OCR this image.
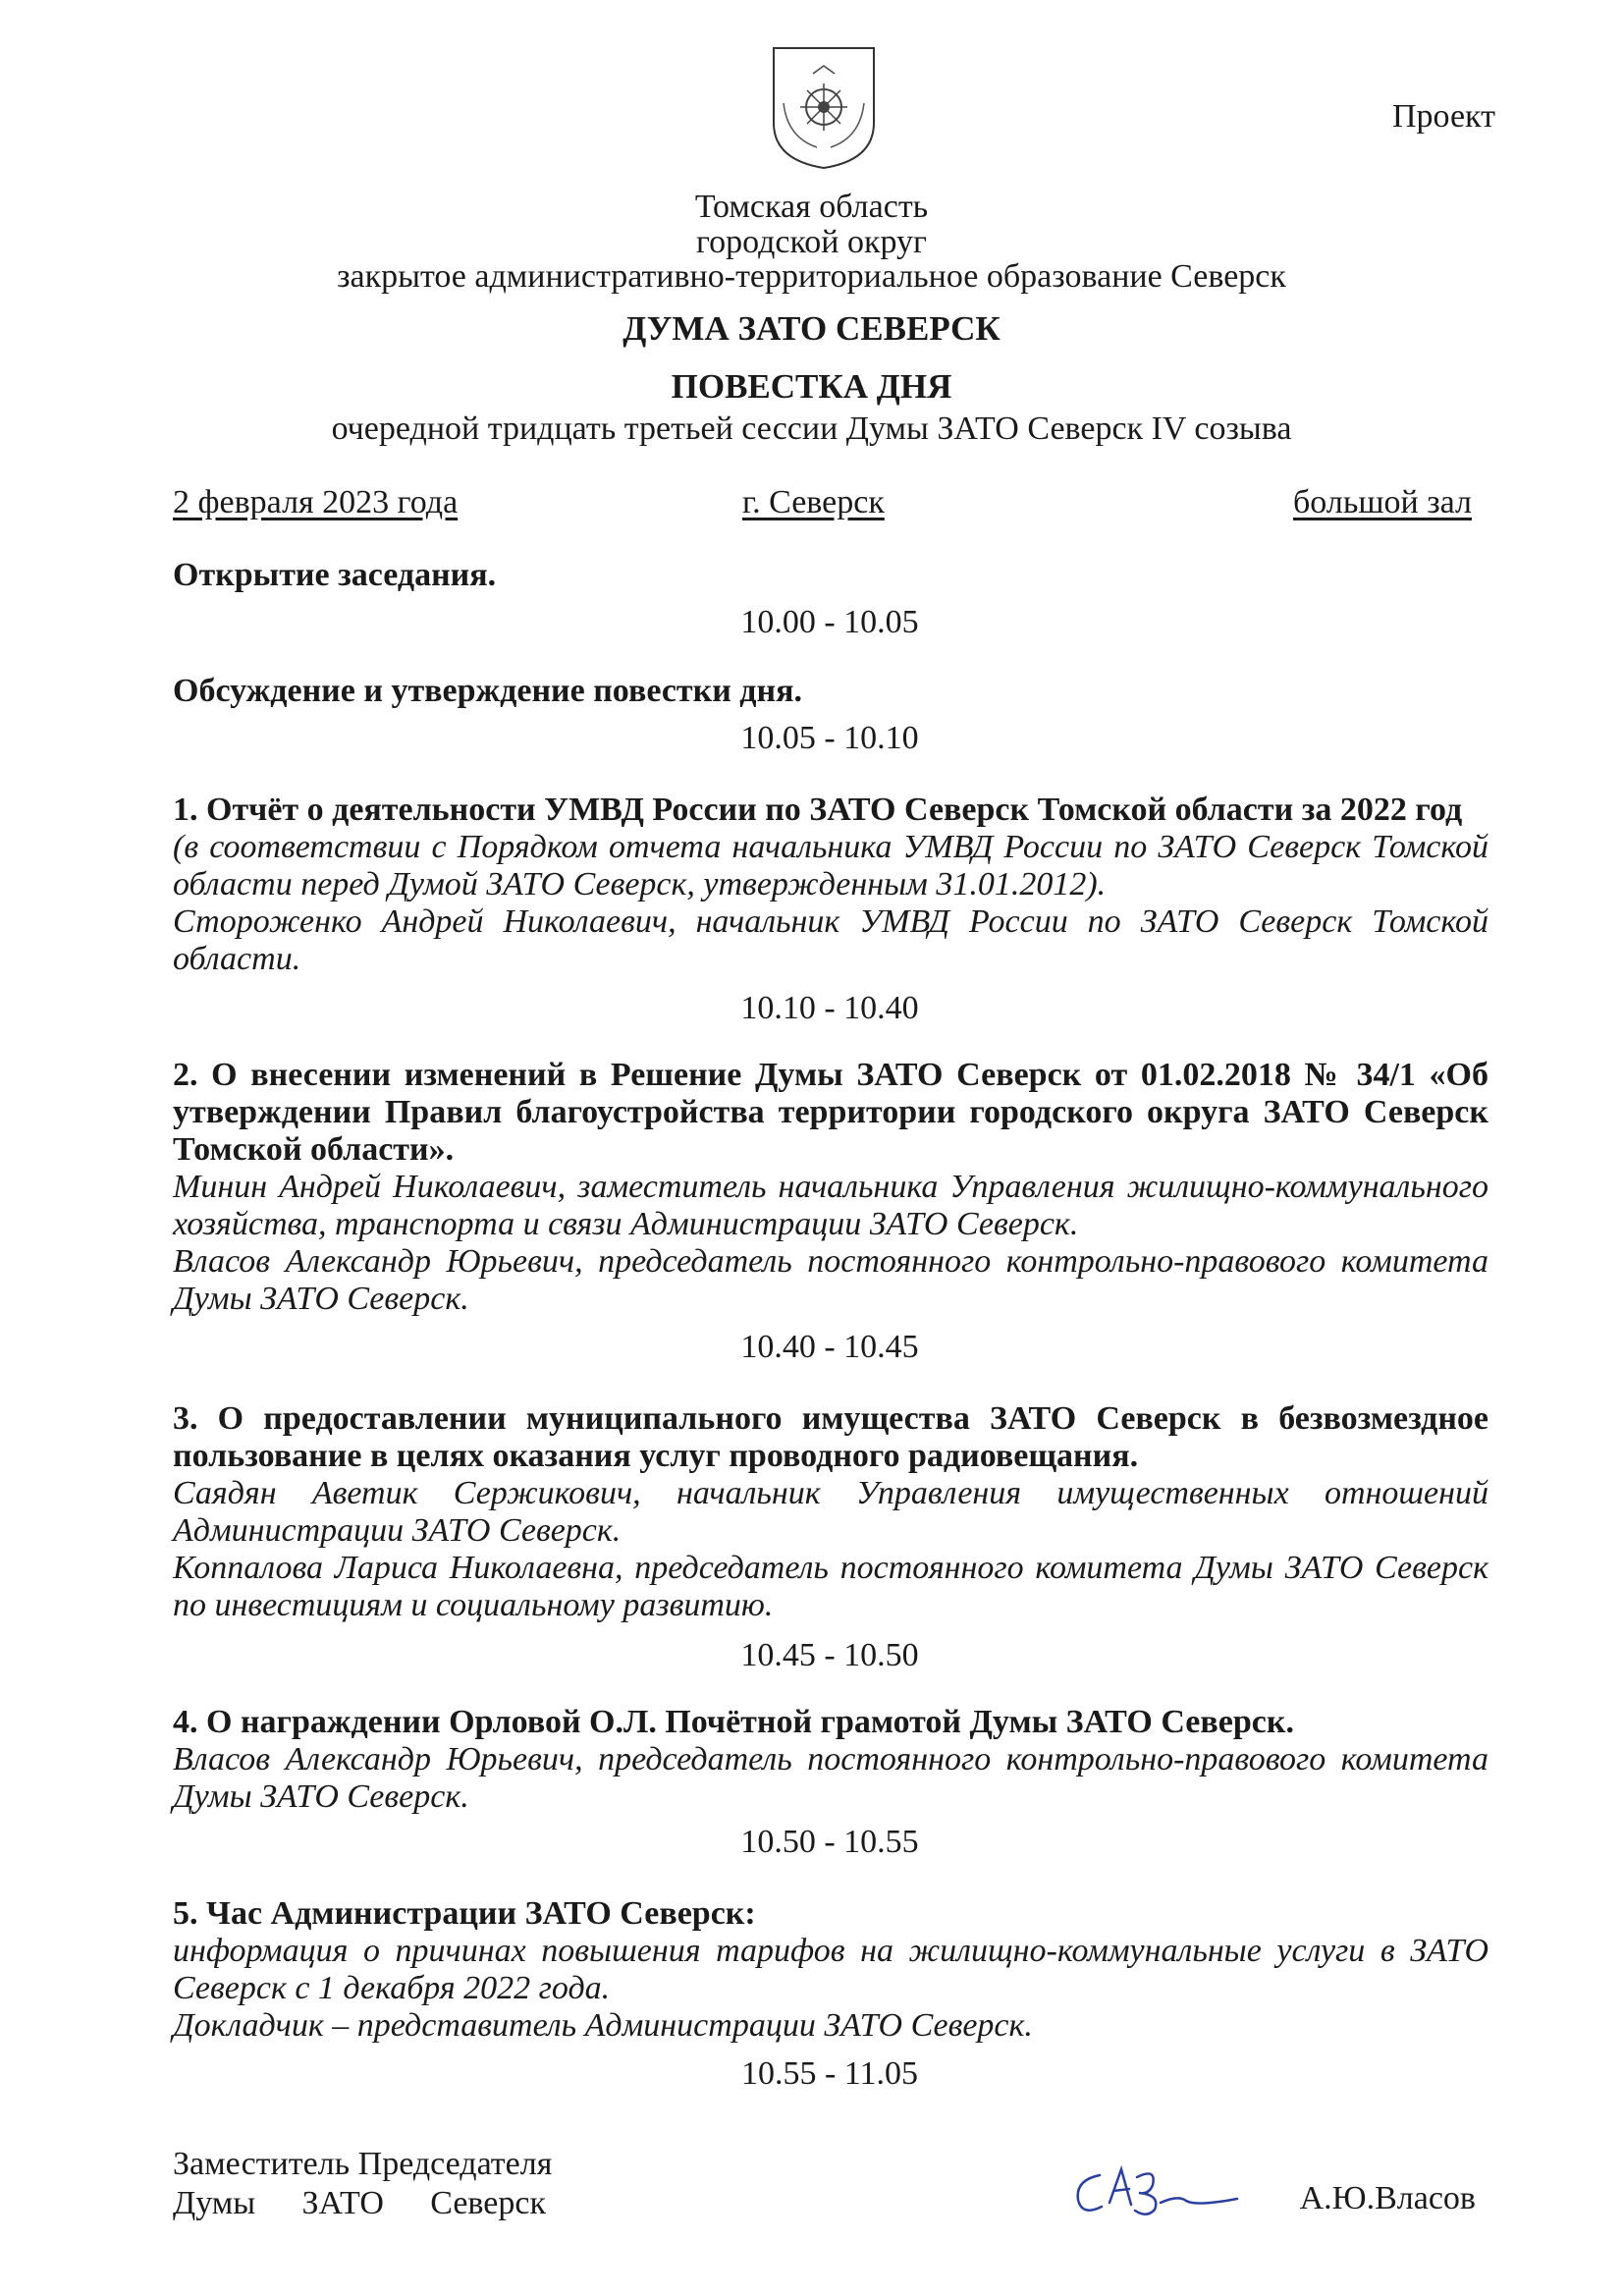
Проект
Томская область
городской округ
закрытое административно-территориальное образование Северск
ДУМА ЗАТО СЕВЕРСК
ПОВЕСТКА ДНЯ
очередной тридцать третьей сессии Думы ЗАТО Северск IV созыва
2 февраля 2023 года	г. Северск	большой зал
Открытие заседания.
10.00 - 10.05
Обсуждение и утверждение повестки дня.
10.05 - 10.10
1. Отчёт о деятельности УМВД России по ЗАТО Северск Томской области за 2022 год
(в соответствии с Порядком отчета начальника УМВД России по ЗАТО Северск Томской области перед Думой ЗАТО Северск, утвержденным 31.01.2012).
Стороженко Андрей Николаевич, начальник УМВД России по ЗАТО Северск Томской области.
10.10 - 10.40
2. О внесении изменений в Решение Думы ЗАТО Северск от 01.02.2018 № 34/1 «Об утверждении Правил благоустройства территории городского округа ЗАТО Северск Томской области».
Минин Андрей Николаевич, заместитель начальника Управления жилищно-коммунального хозяйства, транспорта и связи Администрации ЗАТО Северск.
Власов Александр Юрьевич, председатель постоянного контрольно-правового комитета Думы ЗАТО Северск.
10.40 - 10.45
3. О предоставлении муниципального имущества ЗАТО Северск в безвозмездное пользование в целях оказания услуг проводного радиовещания.
Саядян Аветик Сержикович, начальник Управления имущественных отношений Администрации ЗАТО Северск.
Коппалова Лариса Николаевна, председатель постоянного комитета Думы ЗАТО Северск по инвестициям и социальному развитию.
10.45 - 10.50
4. О награждении Орловой О.Л. Почётной грамотой Думы ЗАТО Северск.
Власов Александр Юрьевич, председатель постоянного контрольно-правового комитета Думы ЗАТО Северск.
10.50 - 10.55
5. Час Администрации ЗАТО Северск:
информация о причинах повышения тарифов на жилищно-коммунальные услуги в ЗАТО Северск с 1 декабря 2022 года.
Докладчик – представитель Администрации ЗАТО Северск.
10.55 - 11.05
Заместитель Председателя
Думы ЗАТО Северск	А.Ю.Власов
